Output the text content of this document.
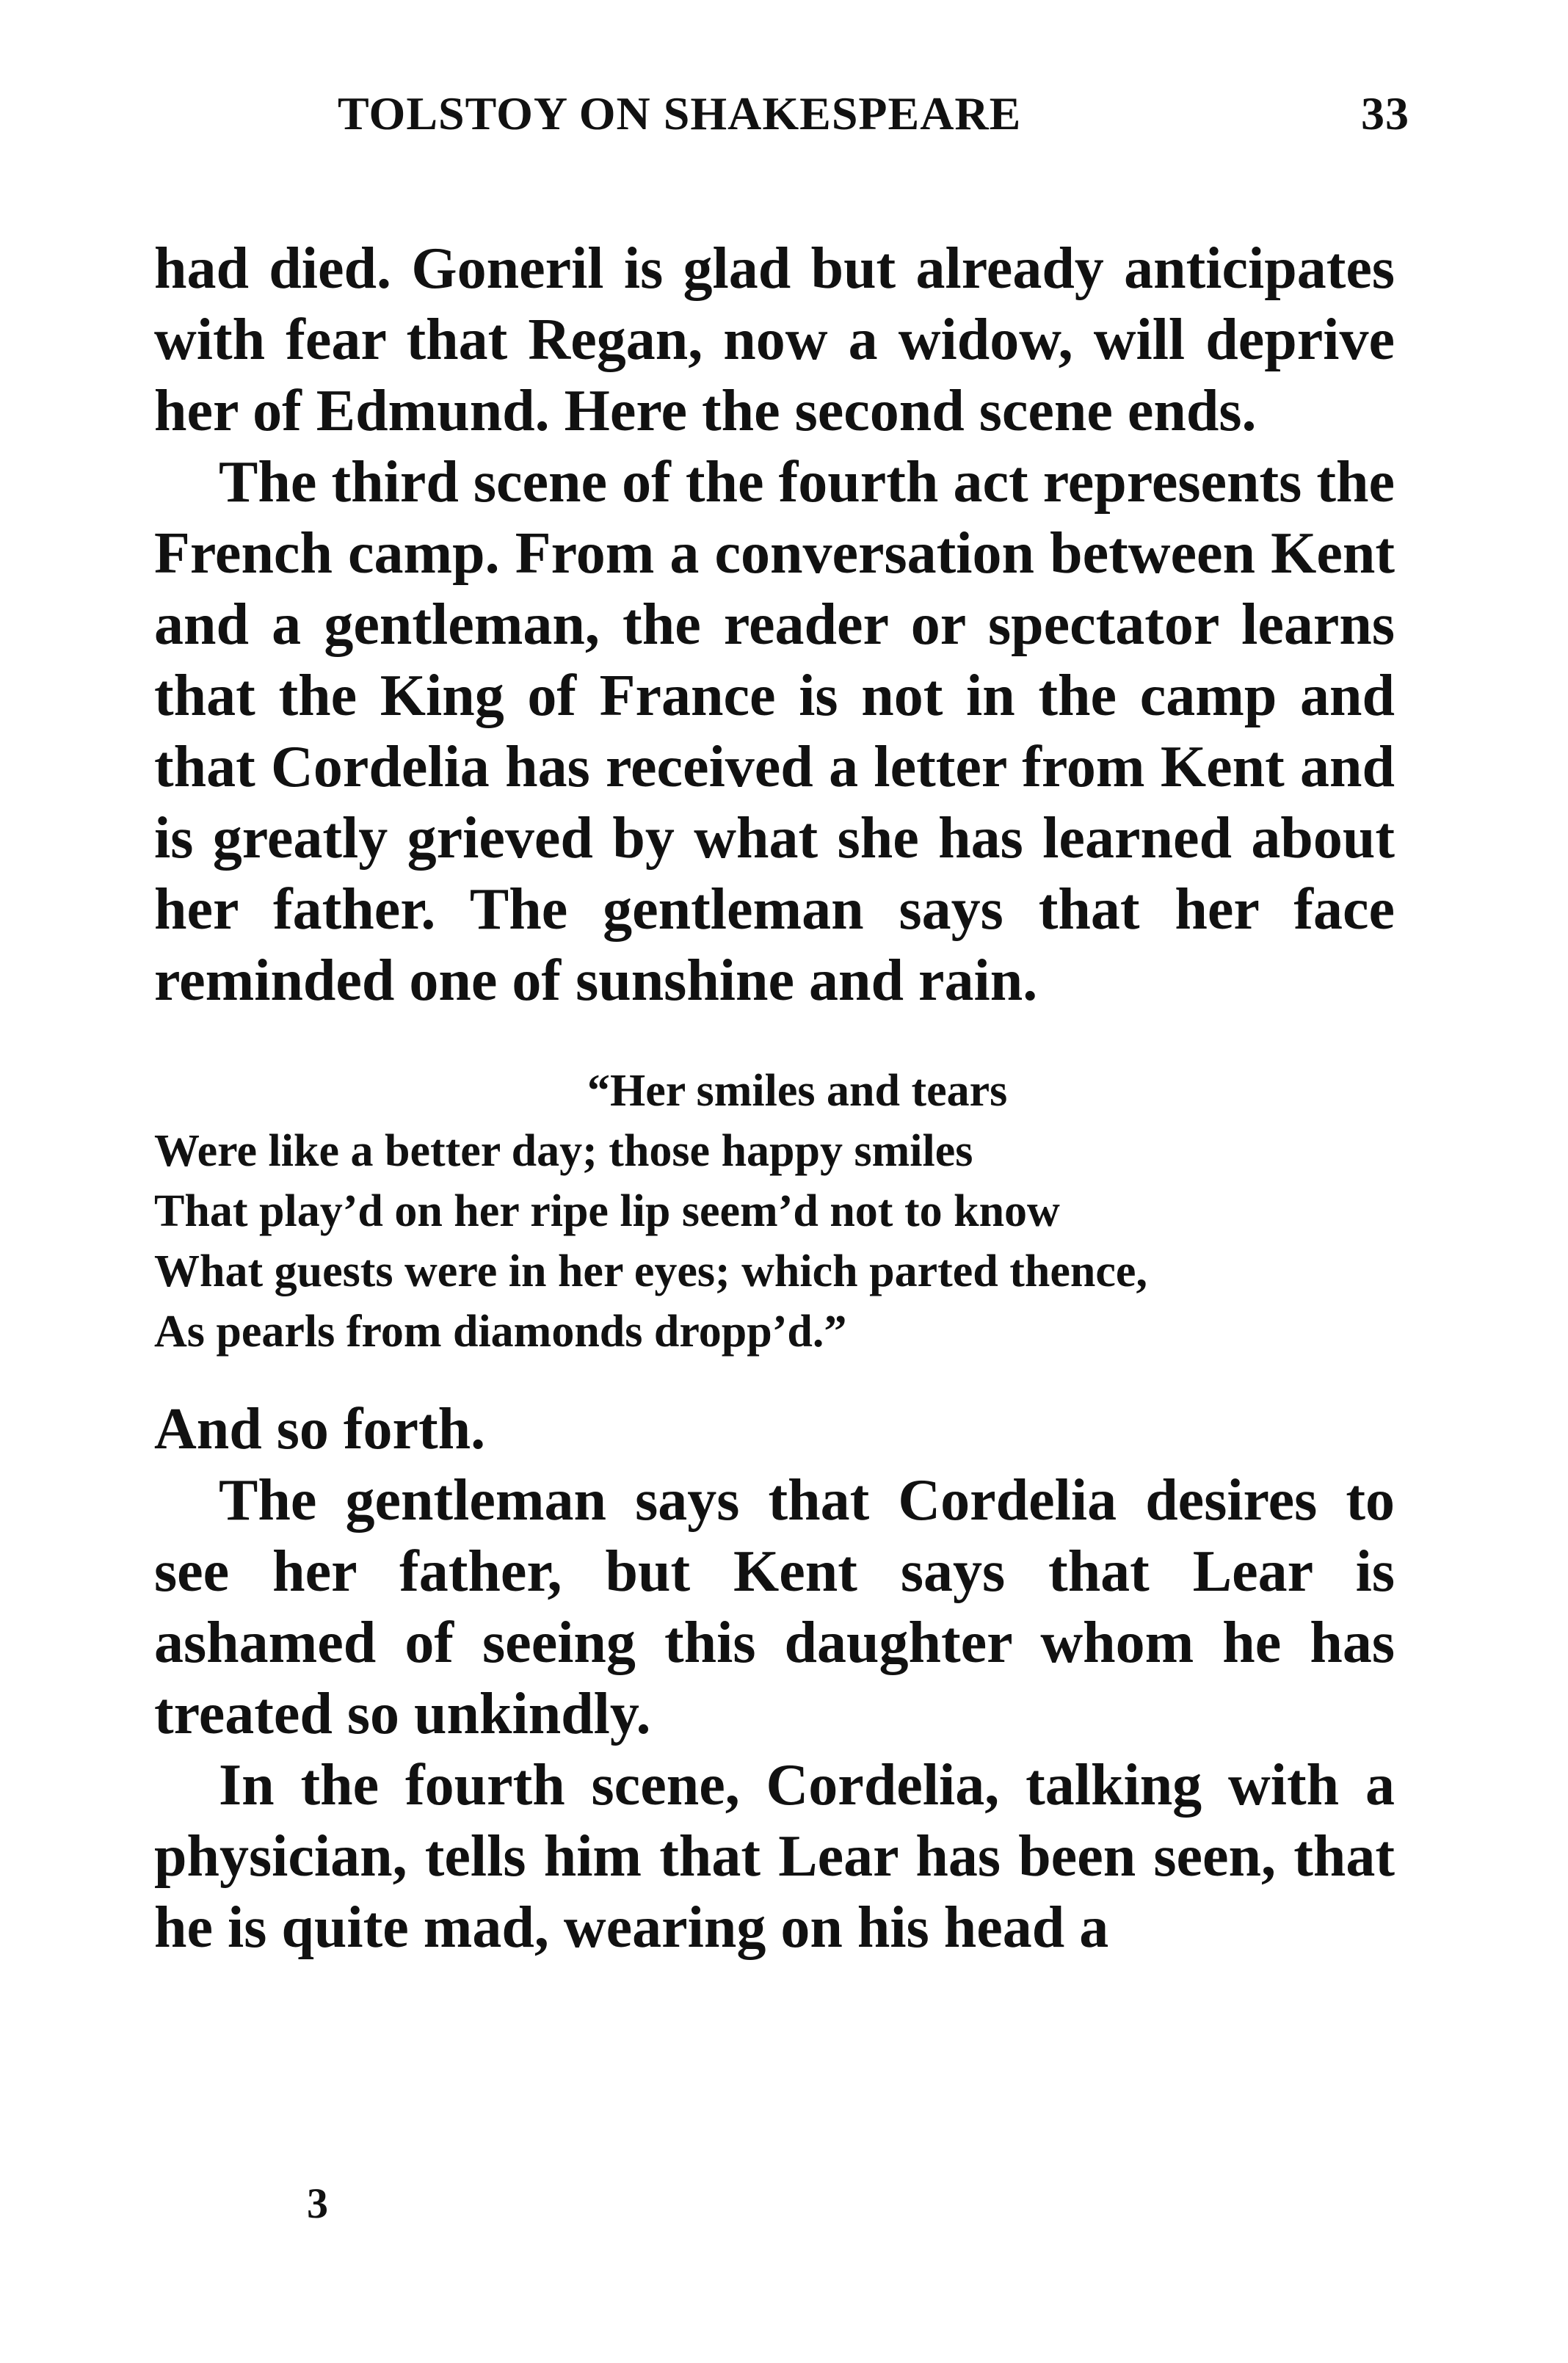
TOLSTOY ON SHAKESPEARE	33

had died. Goneril is glad but already anticipates with fear that Regan, now a widow, will deprive her of Edmund. Here the second scene ends.

The third scene of the fourth act represents the French camp. From a conversation between Kent and a gentleman, the reader or spectator learns that the King of France is not in the camp and that Cordelia has received a letter from Kent and is greatly grieved by what she has learned about her father. The gentleman says that her face reminded one of sunshine and rain.

“Her smiles and tears
Were like a better day; those happy smiles
That play’d on her ripe lip seem’d not to know
What guests were in her eyes; which parted thence,
As pearls from diamonds dropp’d.”

And so forth.

The gentleman says that Cordelia desires to see her father, but Kent says that Lear is ashamed of seeing this daughter whom he has treated so unkindly.

In the fourth scene, Cordelia, talking with a physician, tells him that Lear has been seen, that he is quite mad, wearing on his head a

3
